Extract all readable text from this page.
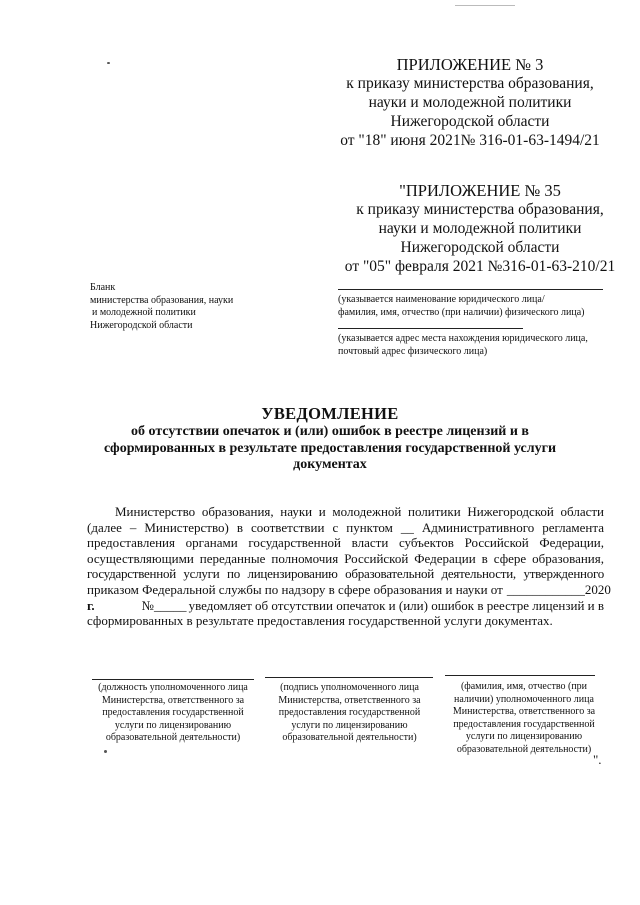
ПРИЛОЖЕНИЕ № 3
к приказу министерства образования,
науки и молодежной политики
Нижегородской области
от "18" июня 2021№ 316-01-63-1494/21
"ПРИЛОЖЕНИЕ № 35
к приказу министерства образования,
науки и молодежной политики
Нижегородской области
от "05" февраля 2021 №316-01-63-210/21
Бланк
министерства образования, науки
и молодежной политики
Нижегородской области
(указывается наименование юридического лица/
фамилия, имя, отчество (при наличии) физического лица)
(указывается адрес места нахождения юридического лица,
почтовый адрес физического лица)
УВЕДОМЛЕНИЕ
об отсутствии опечаток и (или) ошибок в реестре лицензий и в
сформированных в результате предоставления государственной услуги
документах
Министерство образования, науки и молодежной политики Нижегородской области
(далее – Министерство) в соответствии с пунктом __ Административного регламента
предоставления органами государственной власти субъектов Российской Федерации,
осуществляющими переданные полномочия Российской Федерации в сфере образования,
государственной услуги по лицензированию образовательной деятельности, утвержденного
приказом Федеральной службы по надзору в сфере образования и науки от ____________ 2020
г.	№_____ уведомляет об отсутствии опечаток и (или) ошибок в реестре лицензий и в
сформированных в результате предоставления государственной услуги документах.
(должность уполномоченного лица
Министерства, ответственного за
предоставления государственной
услуги по лицензированию
образовательной деятельности)
(подпись уполномоченного лица
Министерства, ответственного за
предоставления государственной
услуги по лицензированию
образовательной деятельности)
(фамилия, имя, отчество (при
наличии) уполномоченного лица
Министерства, ответственного за
предоставления государственной
услуги по лицензированию
образовательной деятельности)
".
